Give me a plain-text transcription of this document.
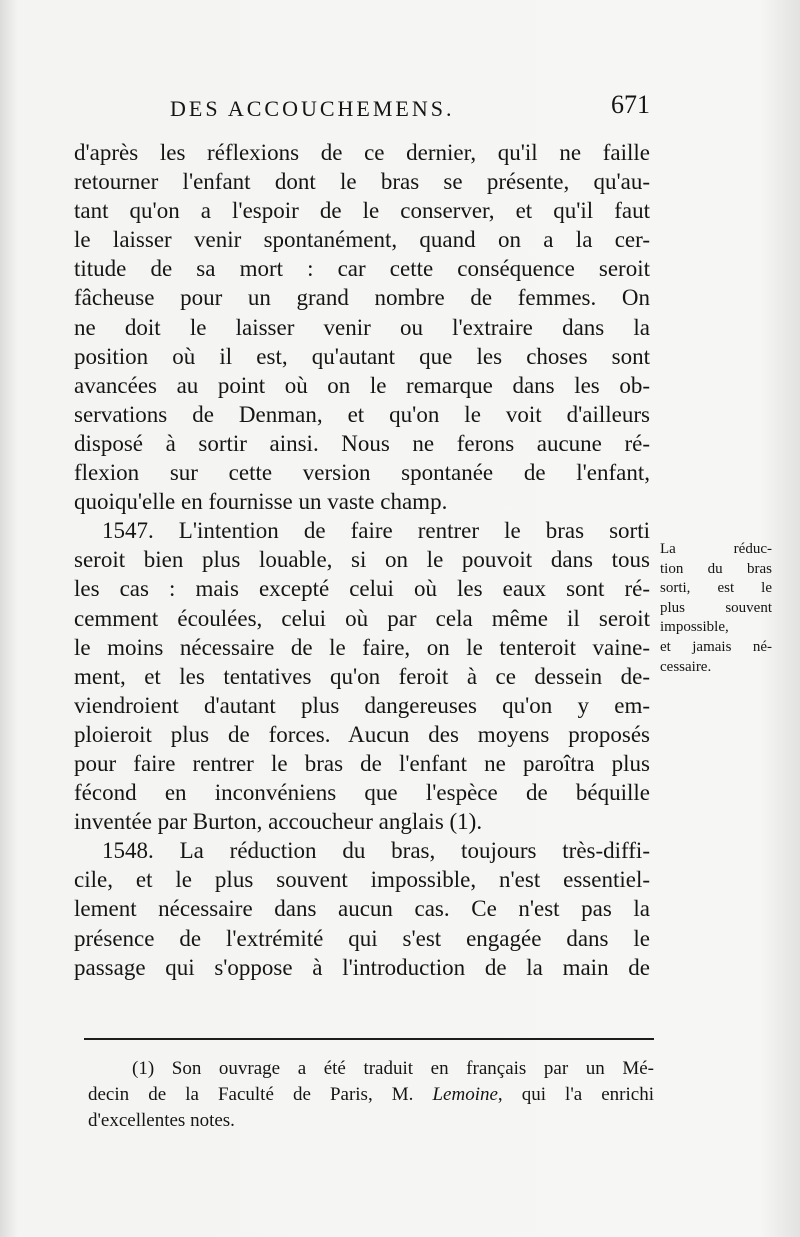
DES ACCOUCHEMENS.	671
d'après les réflexions de ce dernier, qu'il ne faille
retourner l'enfant dont le bras se présente, qu'au-
tant qu'on a l'espoir de le conserver, et qu'il faut
le laisser venir spontanément, quand on a la cer-
titude de sa mort : car cette conséquence seroit
fâcheuse pour un grand nombre de femmes. On
ne doit le laisser venir ou l'extraire dans la
position où il est, qu'autant que les choses sont
avancées au point où on le remarque dans les ob-
servations de Denman, et qu'on le voit d'ailleurs
disposé à sortir ainsi. Nous ne ferons aucune ré-
flexion sur cette version spontanée de l'enfant,
quoiqu'elle en fournisse un vaste champ.
1547. L'intention de faire rentrer le bras sorti
seroit bien plus louable, si on le pouvoit dans tous
les cas : mais excepté celui où les eaux sont ré-
cemment écoulées, celui où par cela même il seroit
le moins nécessaire de le faire, on le tenteroit vaine-
ment, et les tentatives qu'on feroit à ce dessein de-
viendroient d'autant plus dangereuses qu'on y em-
ploieroit plus de forces. Aucun des moyens proposés
pour faire rentrer le bras de l'enfant ne paroîtra plus
fécond en inconvéniens que l'espèce de béquille
inventée par Burton, accoucheur anglais (1).
1548. La réduction du bras, toujours très-diffi-
cile, et le plus souvent impossible, n'est essentiel-
lement nécessaire dans aucun cas. Ce n'est pas la
présence de l'extrémité qui s'est engagée dans le
passage qui s'oppose à l'introduction de la main de
La réduc-
tion du bras
sorti, est le
plus souvent
impossible,
et jamais né-
cessaire.
(1) Son ouvrage a été traduit en français par un Mé-
decin de la Faculté de Paris, M. Lemoine, qui l'a enrichi
d'excellentes notes.
